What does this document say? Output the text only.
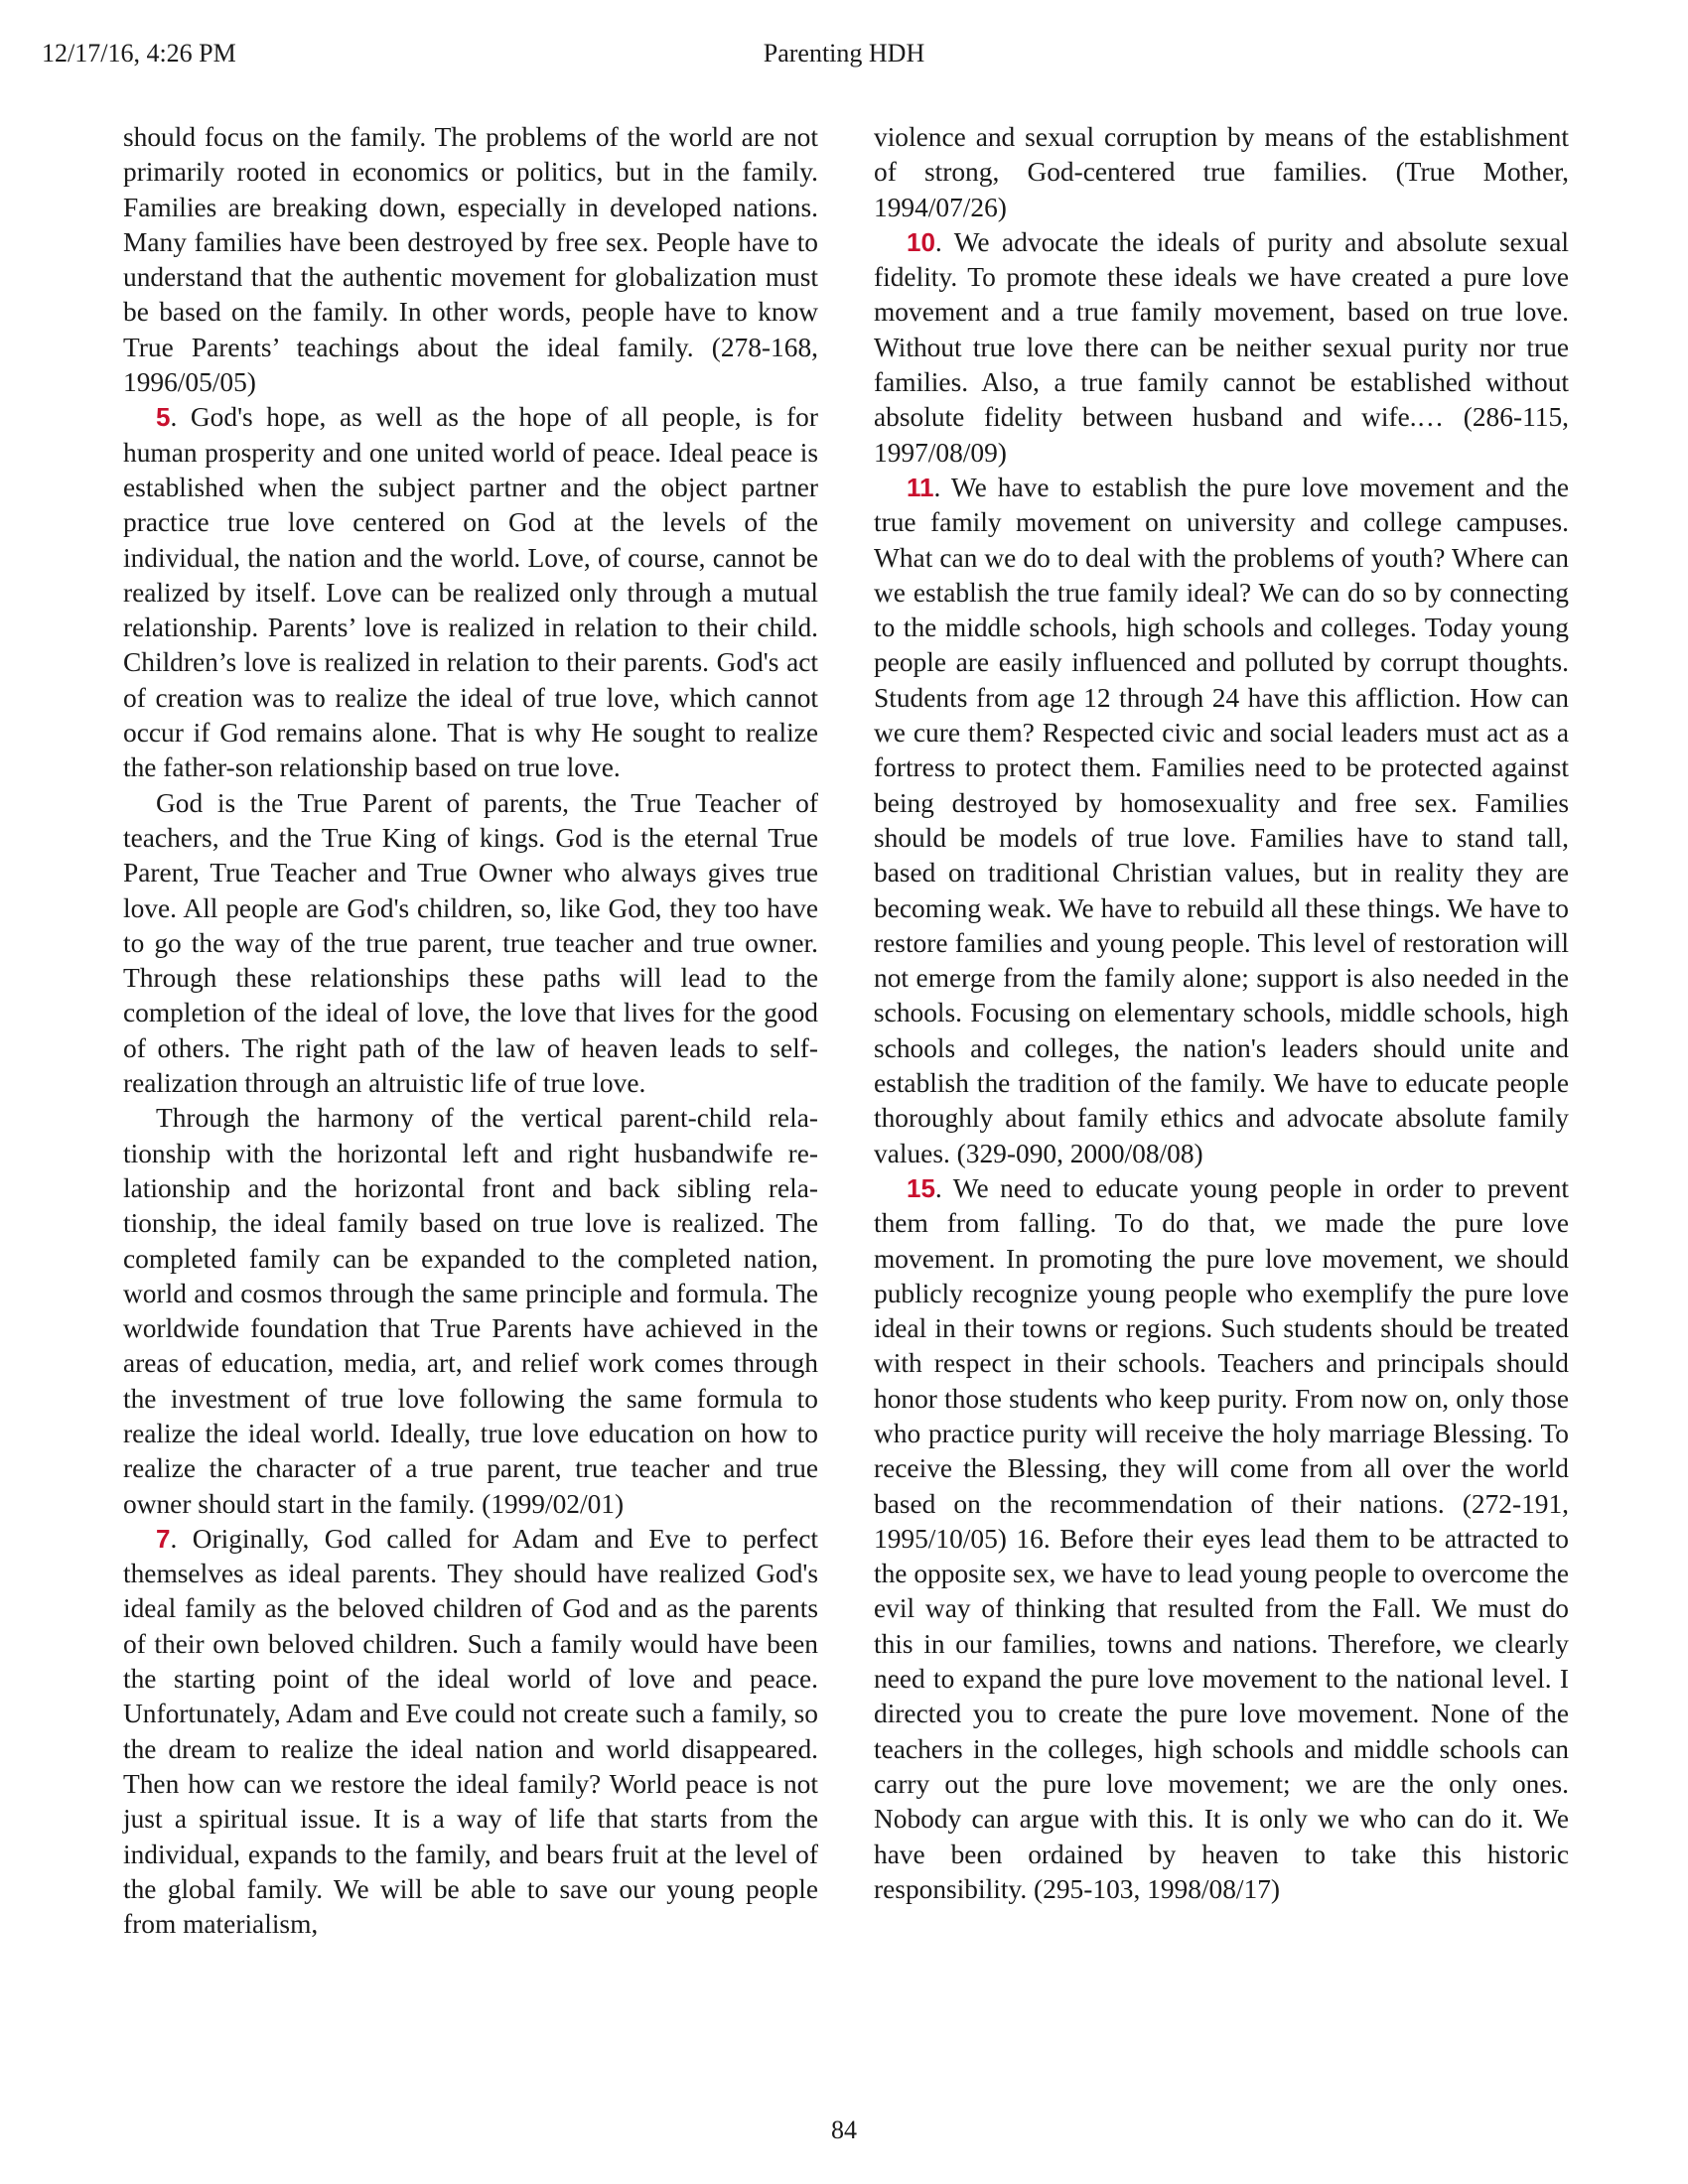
12/17/16, 4:26 PM	Parenting HDH

should focus on the family. The problems of the world are not primarily rooted in economics or politics, but in the family. Families are breaking down, especially in developed nations. Many families have been destroyed by free sex. People have to understand that the authentic movement for globalization must be based on the family. In other words, people have to know True Parents’ teachings about the ideal family. (278-168, 1996/05/05)

5. God's hope, as well as the hope of all people, is for human prosperity and one united world of peace. Ideal peace is established when the subject partner and the object partner practice true love centered on God at the levels of the individual, the nation and the world. Love, of course, cannot be realized by itself. Love can be realized only through a mutual relationship. Parents’ love is realized in relation to their child. Children’s love is realized in relation to their parents. God's act of creation was to realize the ideal of true love, which cannot occur if God remains alone. That is why He sought to realize the father-son relationship based on true love.

God is the True Parent of parents, the True Teacher of teachers, and the True King of kings. God is the eternal True Parent, True Teacher and True Owner who always gives true love. All people are God's children, so, like God, they too have to go the way of the true parent, true teacher and true owner. Through these relationships these paths will lead to the completion of the ideal of love, the love that lives for the good of others. The right path of the law of heaven leads to self-realization through an altruistic life of true love.

Through the harmony of the vertical parent-child relationship with the horizontal left and right husbandwife relationship and the horizontal front and back sibling relationship, the ideal family based on true love is realized. The completed family can be expanded to the completed nation, world and cosmos through the same principle and formula. The worldwide foundation that True Parents have achieved in the areas of education, media, art, and relief work comes through the investment of true love following the same formula to realize the ideal world. Ideally, true love education on how to realize the character of a true parent, true teacher and true owner should start in the family. (1999/02/01)

7. Originally, God called for Adam and Eve to perfect themselves as ideal parents. They should have realized God's ideal family as the beloved children of God and as the parents of their own beloved children. Such a family would have been the starting point of the ideal world of love and peace. Unfortunately, Adam and Eve could not create such a family, so the dream to realize the ideal nation and world disappeared. Then how can we restore the ideal family? World peace is not just a spiritual issue. It is a way of life that starts from the individual, expands to the family, and bears fruit at the level of the global family. We will be able to save our young people from materialism,

violence and sexual corruption by means of the establishment of strong, God-centered true families. (True Mother, 1994/07/26)

10. We advocate the ideals of purity and absolute sexual fidelity. To promote these ideals we have created a pure love movement and a true family movement, based on true love. Without true love there can be neither sexual purity nor true families. Also, a true family cannot be established without absolute fidelity between husband and wife.… (286-115, 1997/08/09)

11. We have to establish the pure love movement and the true family movement on university and college campuses. What can we do to deal with the problems of youth? Where can we establish the true family ideal? We can do so by connecting to the middle schools, high schools and colleges. Today young people are easily influenced and polluted by corrupt thoughts. Students from age 12 through 24 have this affliction. How can we cure them? Respected civic and social leaders must act as a fortress to protect them. Families need to be protected against being destroyed by homosexuality and free sex. Families should be models of true love. Families have to stand tall, based on traditional Christian values, but in reality they are becoming weak. We have to rebuild all these things. We have to restore families and young people. This level of restoration will not emerge from the family alone; support is also needed in the schools. Focusing on elementary schools, middle schools, high schools and colleges, the nation's leaders should unite and establish the tradition of the family. We have to educate people thoroughly about family ethics and advocate absolute family values. (329-090, 2000/08/08)

15. We need to educate young people in order to prevent them from falling. To do that, we made the pure love movement. In promoting the pure love movement, we should publicly recognize young people who exemplify the pure love ideal in their towns or regions. Such students should be treated with respect in their schools. Teachers and principals should honor those students who keep purity. From now on, only those who practice purity will receive the holy marriage Blessing. To receive the Blessing, they will come from all over the world based on the recommendation of their nations. (272-191, 1995/10/05) 16. Before their eyes lead them to be attracted to the opposite sex, we have to lead young people to overcome the evil way of thinking that resulted from the Fall. We must do this in our families, towns and nations. Therefore, we clearly need to expand the pure love movement to the national level. I directed you to create the pure love movement. None of the teachers in the colleges, high schools and middle schools can carry out the pure love movement; we are the only ones. Nobody can argue with this. It is only we who can do it. We have been ordained by heaven to take this historic responsibility. (295-103, 1998/08/17)

84
